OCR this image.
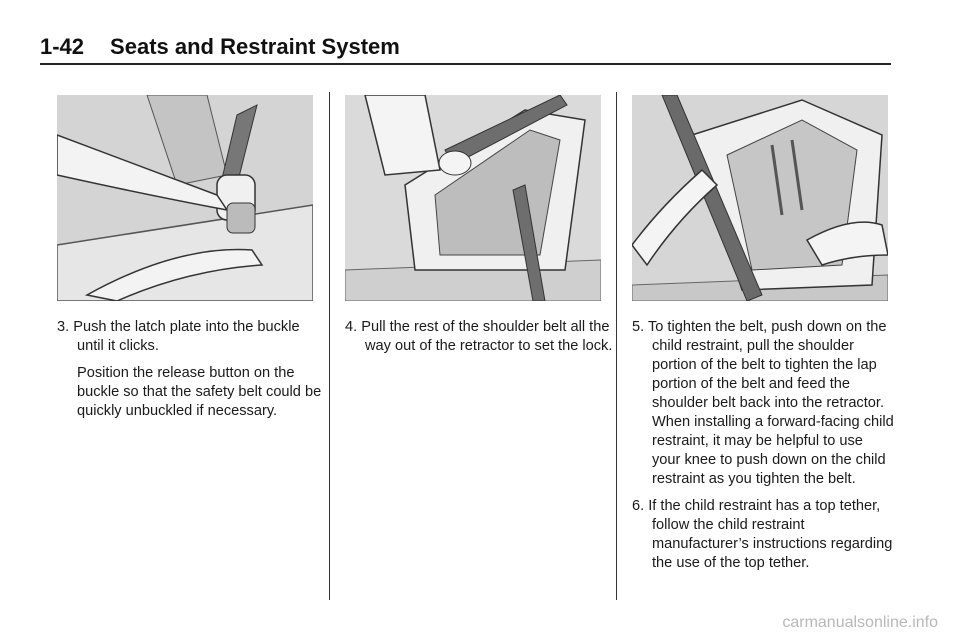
1-42 Seats and Restraint System

3. Push the latch plate into the buckle until it clicks.

Position the release button on the buckle so that the safety belt could be quickly unbuckled if necessary.

4. Pull the rest of the shoulder belt all the way out of the retractor to set the lock.

5. To tighten the belt, push down on the child restraint, pull the shoulder portion of the belt to tighten the lap portion of the belt and feed the shoulder belt back into the retractor. When installing a forward-facing child restraint, it may be helpful to use your knee to push down on the child restraint as you tighten the belt.

6. If the child restraint has a top tether, follow the child restraint manufacturer’s instructions regarding the use of the top tether.

carmanualsonline.info
